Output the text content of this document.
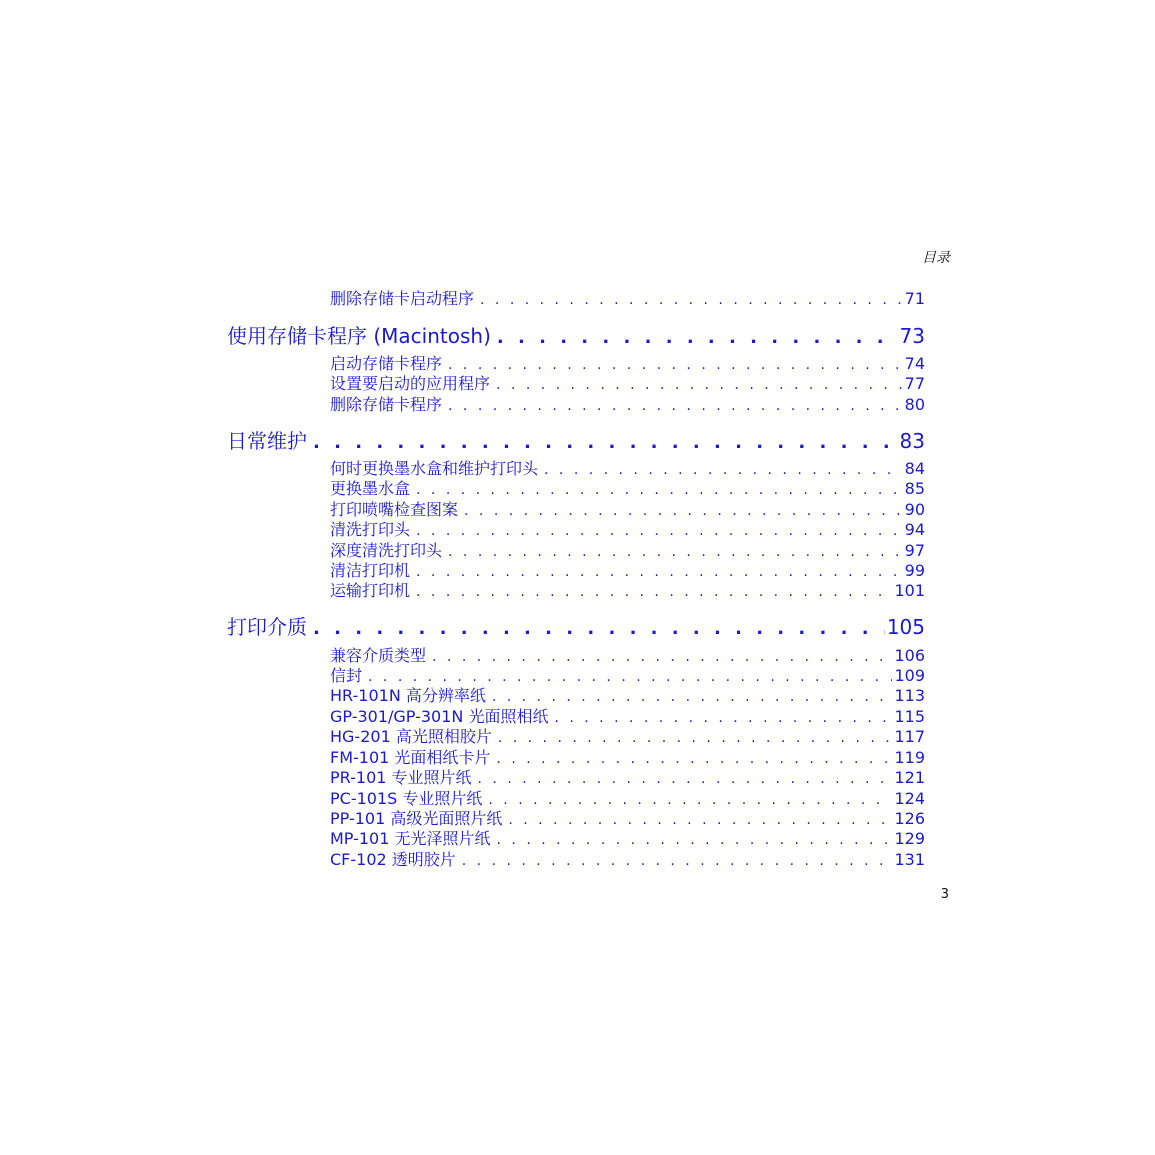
目录
删除存储卡启动程序 . . .	71
使用存储卡程序 (Macintosh) . . .	73
启动存储卡程序 . . .	74
设置要启动的应用程序 . . .	77
删除存储卡程序 . . .	80
日常维护 . . .	83
何时更换墨水盒和维护打印头 . . .	84
更换墨水盒 . . .	85
打印喷嘴检查图案 . . .	90
清洗打印头 . . .	94
深度清洗打印头 . . .	97
清洁打印机 . . .	99
运输打印机 . . .	101
打印介质 . . .	105
兼容介质类型 . . .	106
信封 . . .	109
HR-101N 高分辨率纸 . . .	113
GP-301/GP-301N 光面照相纸 . . .	115
HG-201 高光照相胶片 . . .	117
FM-101 光面相纸卡片 . . .	119
PR-101 专业照片纸 . . .	121
PC-101S 专业照片纸 . . .	124
PP-101 高级光面照片纸 . . .	126
MP-101 无光泽照片纸 . . .	129
CF-102 透明胶片 . . .	131
3
